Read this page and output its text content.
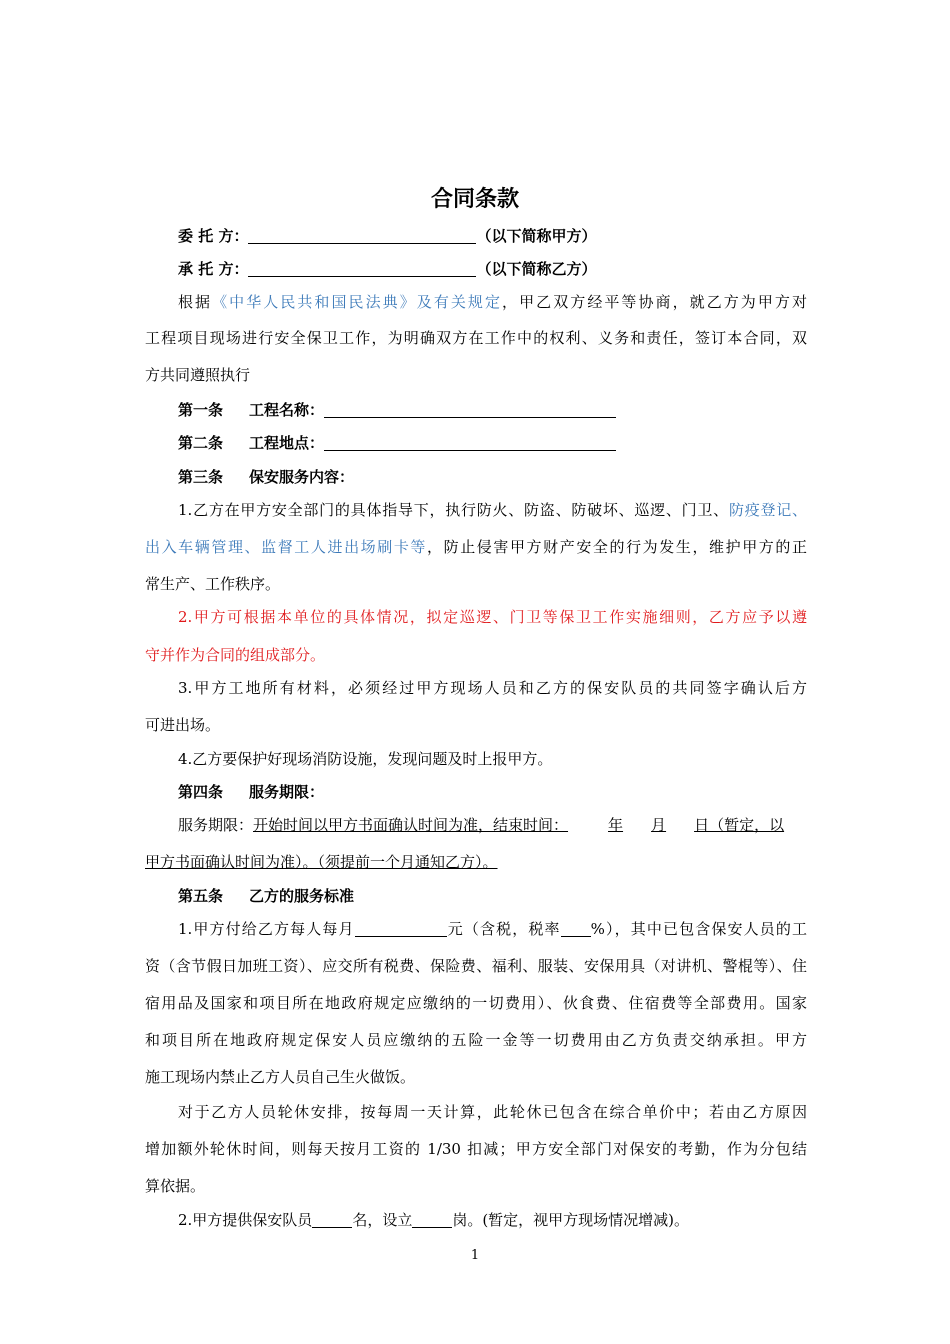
合同条款
委 托 方：	（以下简称甲方）
承 托 方：	（以下简称乙方）
根据《中华人民共和国民法典》及有关规定，甲乙双方经平等协商，就乙方为甲方对
工程项目现场进行安全保卫工作，为明确双方在工作中的权利、义务和责任，签订本合同，双
方共同遵照执行
第一条 工程名称：
第二条 工程地点：
第三条 保安服务内容：
1.乙方在甲方安全部门的具体指导下，执行防火、防盗、防破坏、巡逻、门卫、防疫登记、
出入车辆管理、监督工人进出场刷卡等，防止侵害甲方财产安全的行为发生，维护甲方的正
常生产、工作秩序。
2.甲方可根据本单位的具体情况，拟定巡逻、门卫等保卫工作实施细则，乙方应予以遵
守并作为合同的组成部分。
3.甲方工地所有材料，必须经过甲方现场人员和乙方的保安队员的共同签字确认后方
可进出场。
4.乙方要保护好现场消防设施，发现问题及时上报甲方。
第四条 服务期限：
服务期限：开始时间以甲方书面确认时间为准，结束时间：	年 月 日（暂定，以
甲方书面确认时间为准）。（须提前一个月通知乙方）。
第五条 乙方的服务标准
1.甲方付给乙方每人每月	元（含税，税率 %），其中已包含保安人员的工
资（含节假日加班工资）、应交所有税费、保险费、福利、服装、安保用具（对讲机、警棍等）、住
宿用品及国家和项目所在地政府规定应缴纳的一切费用）、伙食费、住宿费等全部费用。国家
和项目所在地政府规定保安人员应缴纳的五险一金等一切费用由乙方负责交纳承担。甲方
施工现场内禁止乙方人员自己生火做饭。
对于乙方人员轮休安排，按每周一天计算，此轮休已包含在综合单价中；若由乙方原因
增加额外轮休时间，则每天按月工资的 1/30 扣减；甲方安全部门对保安的考勤，作为分包结
算依据。
2.甲方提供保安队员	名，设立	岗。(暂定，视甲方现场情况增减)。
1
